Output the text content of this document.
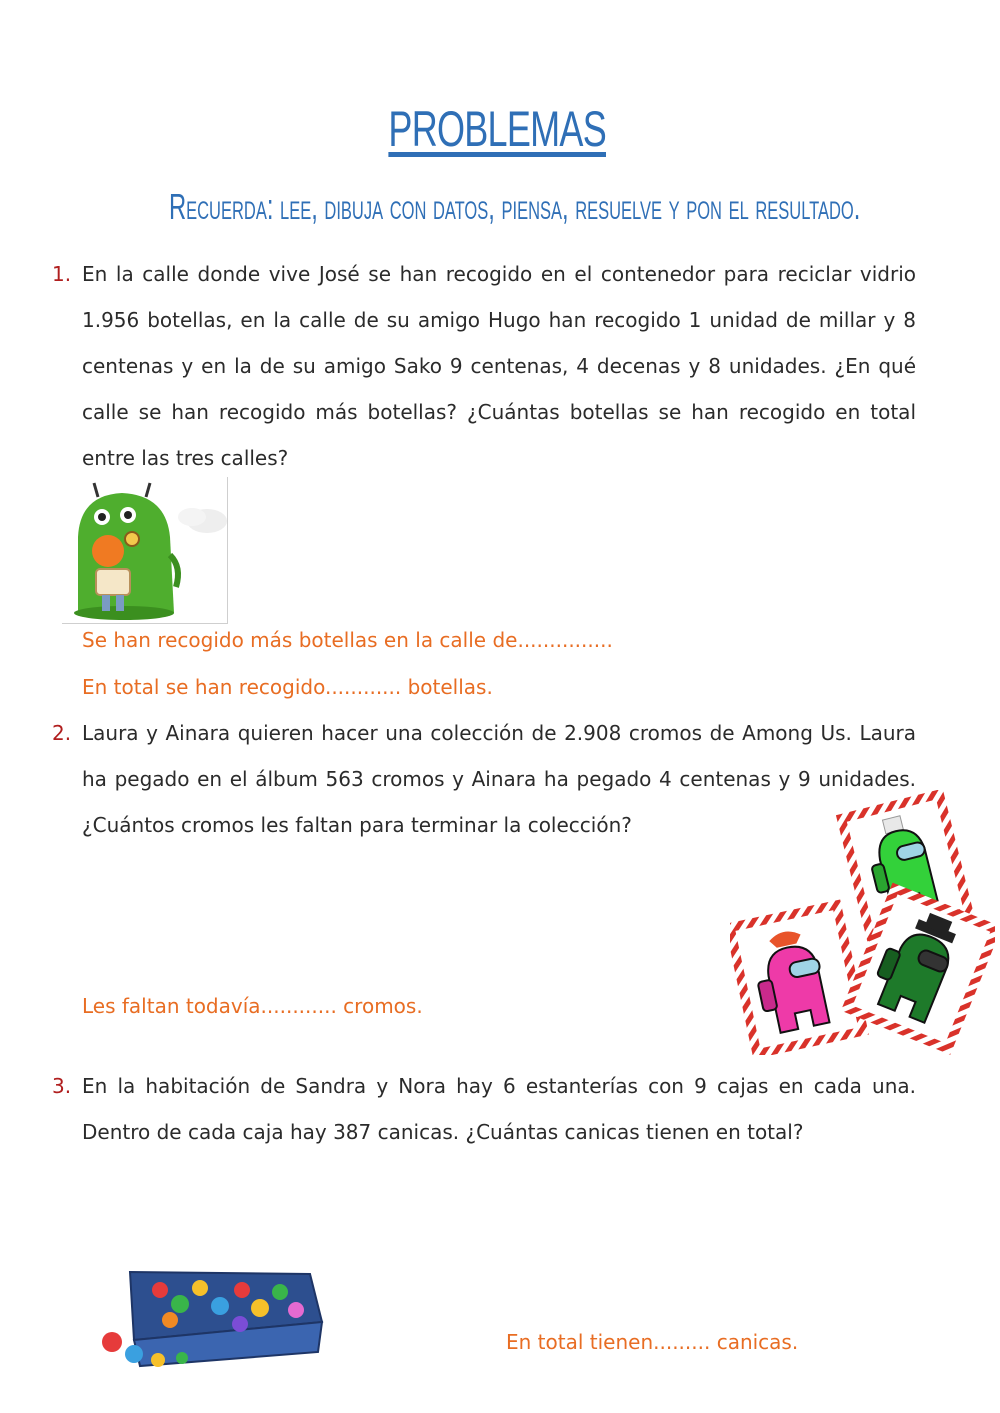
PROBLEMAS

Recuerda: lee, dibuja con datos, piensa, resuelve y pon el resultado.

1. En la calle donde vive José se han recogido en el contenedor para reciclar vidrio 1.956 botellas, en la calle de su amigo Hugo han recogido 1 unidad de millar y 8 centenas y en la de su amigo Sako 9 centenas, 4 decenas y 8 unidades. ¿En qué calle se han recogido más botellas? ¿Cuántas botellas se han recogido en total entre las tres calles?

Se han recogido más botellas en la calle de...............

En total se han recogido............ botellas.

2. Laura y Ainara quieren hacer una colección de 2.908 cromos de Among Us. Laura ha pegado en el álbum 563 cromos y Ainara ha pegado 4 centenas y 9 unidades. ¿Cuántos cromos les faltan para terminar la colección?

Les faltan todavía............ cromos.

3. En la habitación de Sandra y Nora hay 6 estanterías con 9 cajas en cada una. Dentro de cada caja hay 387 canicas. ¿Cuántas canicas tienen en total?

En total tienen......... canicas.
